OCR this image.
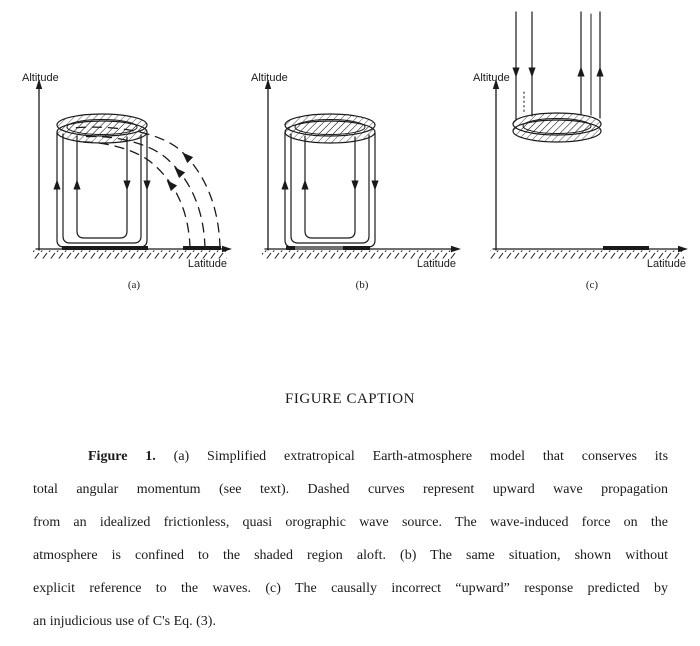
Altitude
Latitude
(a)
Altitude
Latitude
(b)
Altitude
Latitude
(c)
FIGURE CAPTION

Figure 1. (a) Simplified extratropical Earth-atmosphere model that conserves its

total angular momentum (see text). Dashed curves represent upward wave propagation

from an idealized frictionless, quasi orographic wave source. The wave-induced force on the

atmosphere is confined to the shaded region aloft. (b) The same situation, shown without

explicit reference to the waves. (c) The causally incorrect “upward” response predicted by

an injudicious use of C's Eq. (3).
